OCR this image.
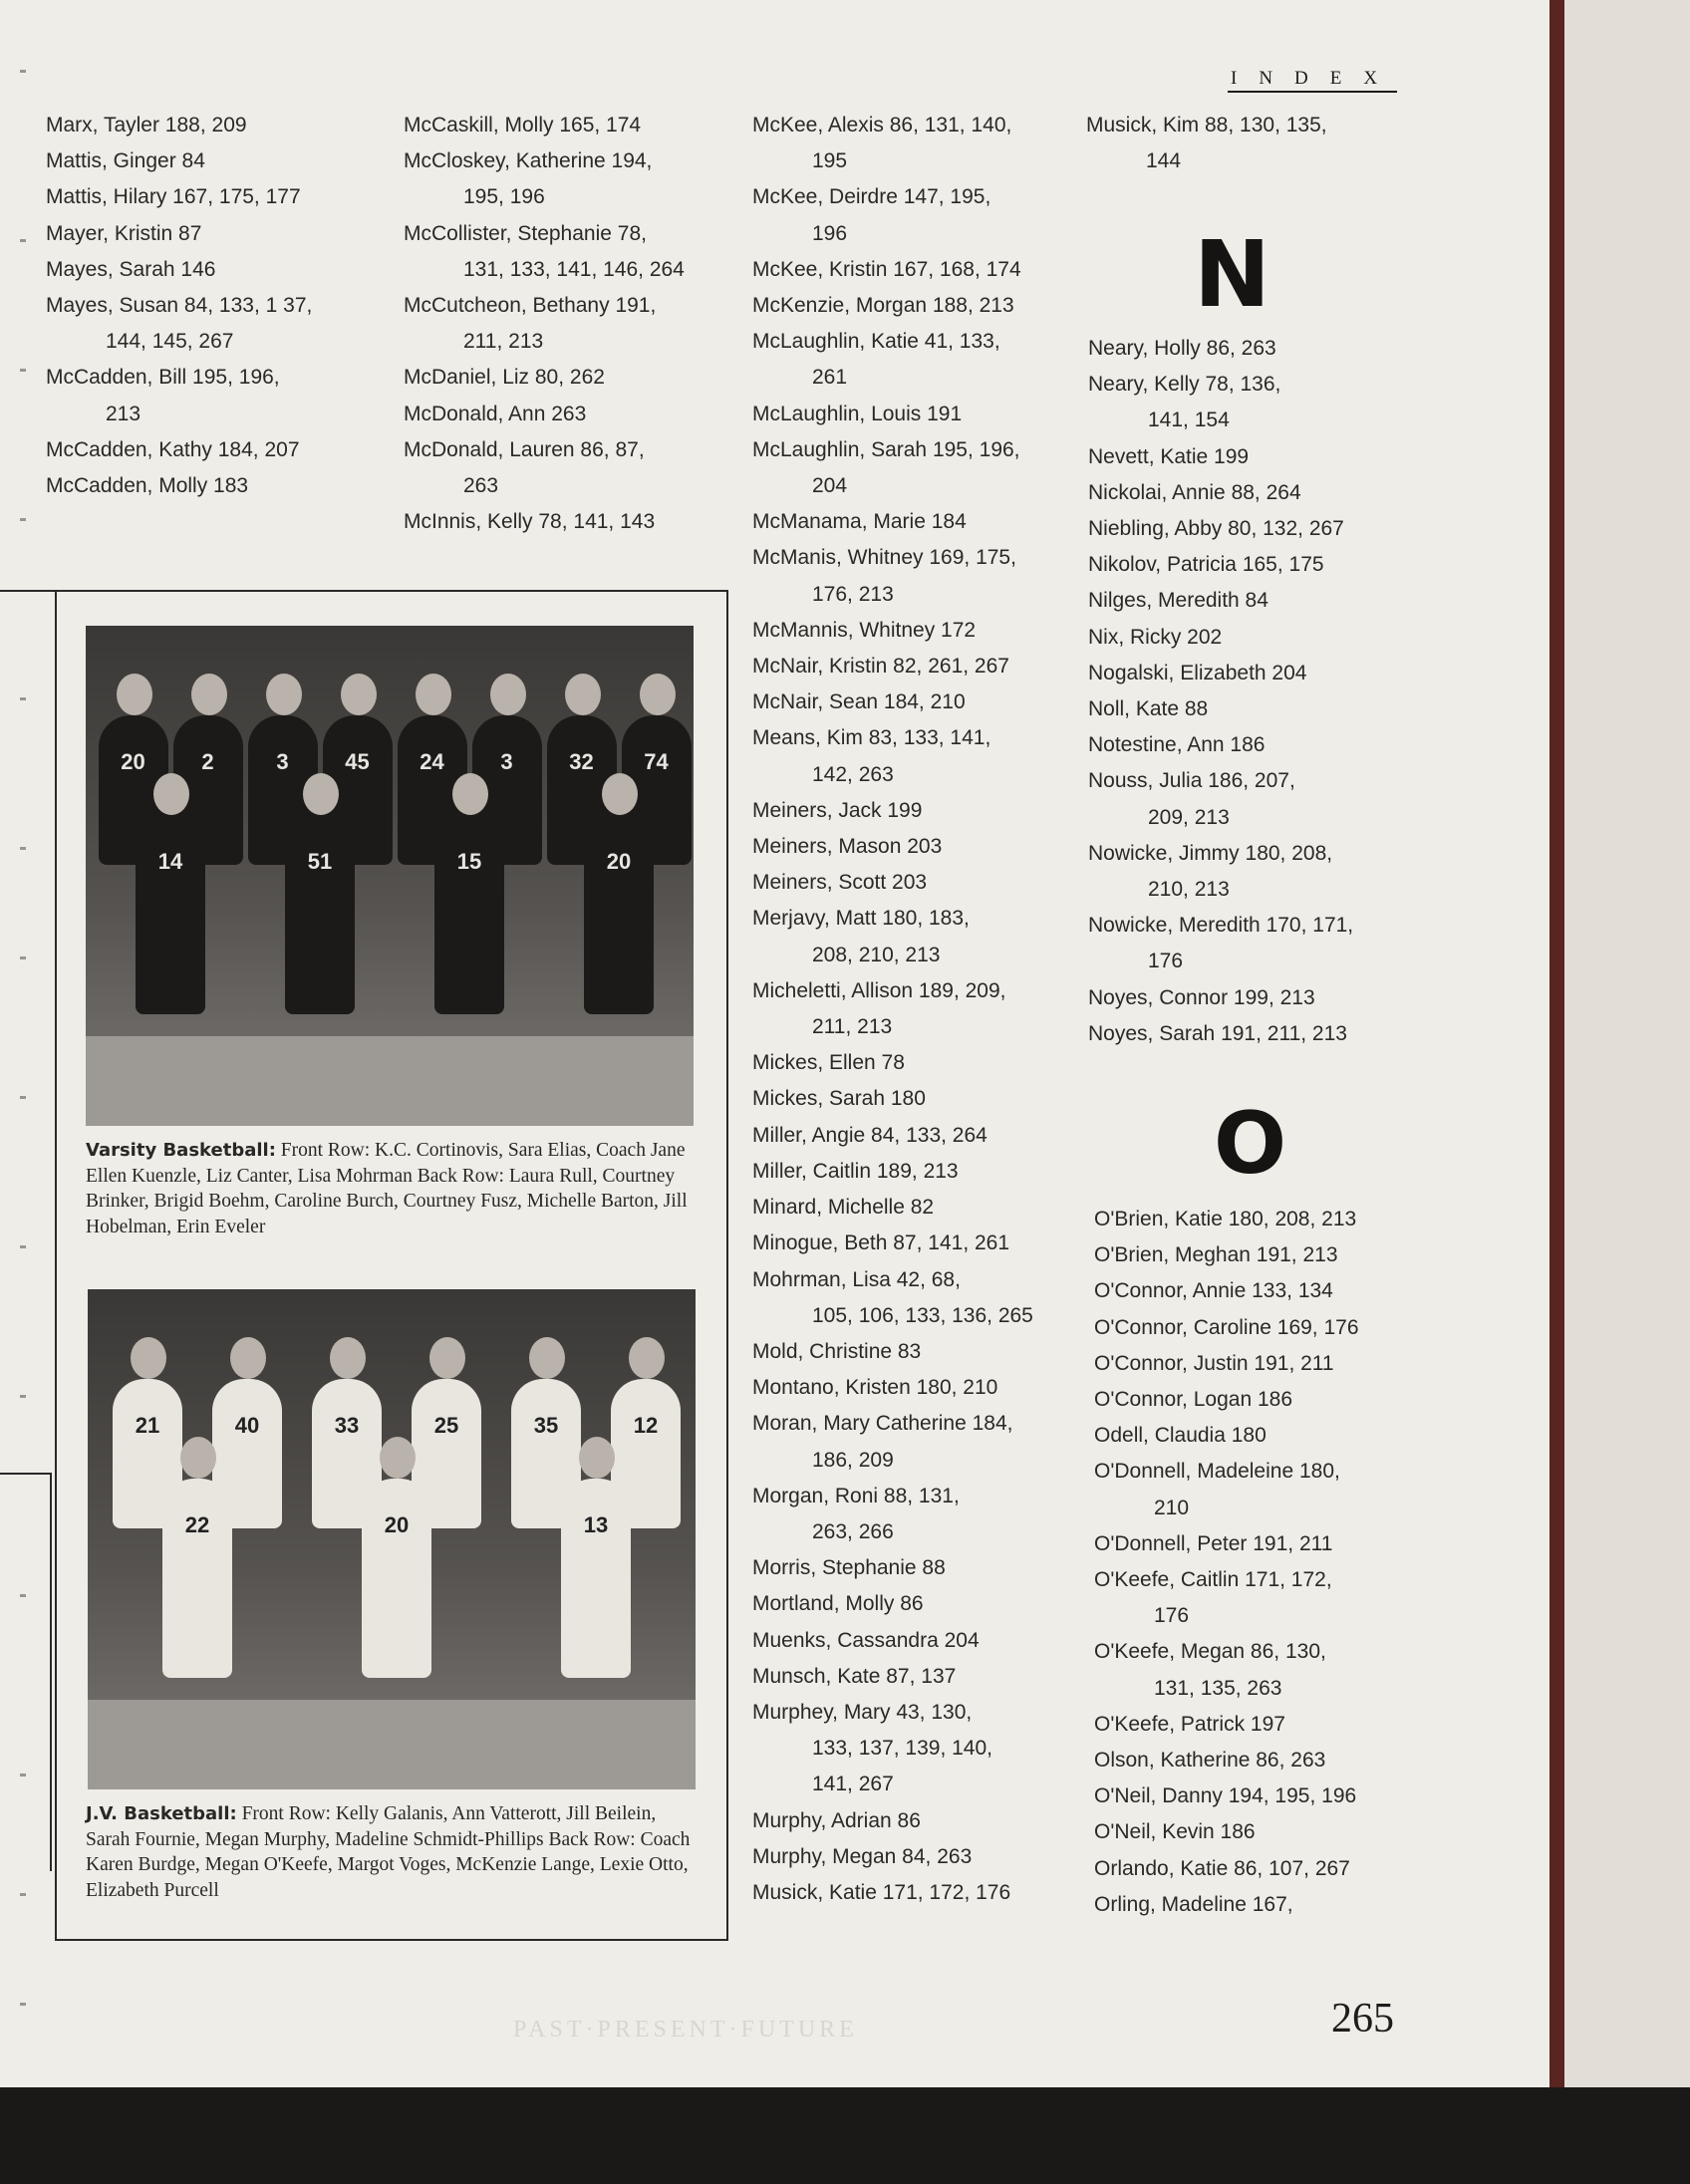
INDEX
Marx, Tayler 188, 209
Mattis, Ginger 84
Mattis, Hilary 167, 175, 177
Mayer, Kristin 87
Mayes, Sarah 146
Mayes, Susan 84, 133, 1 37,
144, 145, 267
McCadden, Bill 195, 196,
213
McCadden, Kathy 184, 207
McCadden, Molly 183
McCaskill, Molly 165, 174
McCloskey, Katherine 194,
195, 196
McCollister, Stephanie 78,
131, 133, 141, 146, 264
McCutcheon, Bethany 191,
211, 213
McDaniel, Liz 80, 262
McDonald, Ann 263
McDonald, Lauren 86, 87,
263
McInnis, Kelly 78, 141, 143
McKee, Alexis 86, 131, 140,
195
McKee, Deirdre 147, 195,
196
McKee, Kristin 167, 168, 174
McKenzie, Morgan 188, 213
McLaughlin, Katie 41, 133,
261
McLaughlin, Louis 191
McLaughlin, Sarah 195, 196,
204
McManama, Marie 184
McManis, Whitney 169, 175,
176, 213
McMannis, Whitney 172
McNair, Kristin 82, 261, 267
McNair, Sean 184, 210
Means, Kim 83, 133, 141,
142, 263
Meiners, Jack 199
Meiners, Mason 203
Meiners, Scott 203
Merjavy, Matt 180, 183,
208, 210, 213
Micheletti, Allison 189, 209,
211, 213
Mickes, Ellen 78
Mickes, Sarah 180
Miller, Angie 84, 133, 264
Miller, Caitlin 189, 213
Minard, Michelle 82
Minogue, Beth 87, 141, 261
Mohrman, Lisa 42, 68,
105, 106, 133, 136, 265
Mold, Christine 83
Montano, Kristen 180, 210
Moran, Mary Catherine 184,
186, 209
Morgan, Roni 88, 131,
263, 266
Morris, Stephanie 88
Mortland, Molly 86
Muenks, Cassandra 204
Munsch, Kate 87, 137
Murphey, Mary 43, 130,
133, 137, 139, 140,
141, 267
Murphy, Adrian 86
Murphy, Megan 84, 263
Musick, Katie 171, 172, 176
Musick, Kim 88, 130, 135,
144
N
Neary, Holly 86, 263
Neary, Kelly 78, 136,
141, 154
Nevett, Katie 199
Nickolai, Annie 88, 264
Niebling, Abby 80, 132, 267
Nikolov, Patricia 165, 175
Nilges, Meredith 84
Nix, Ricky 202
Nogalski, Elizabeth 204
Noll, Kate 88
Notestine, Ann 186
Nouss, Julia 186, 207,
209, 213
Nowicke, Jimmy 180, 208,
210, 213
Nowicke, Meredith 170, 171,
176
Noyes, Connor 199, 213
Noyes, Sarah 191, 211, 213
O
O'Brien, Katie 180, 208, 213
O'Brien, Meghan 191, 213
O'Connor, Annie 133, 134
O'Connor, Caroline 169, 176
O'Connor, Justin 191, 211
O'Connor, Logan 186
Odell, Claudia 180
O'Donnell, Madeleine 180,
210
O'Donnell, Peter 191, 211
O'Keefe, Caitlin 171, 172,
176
O'Keefe, Megan 86, 130,
131, 135, 263
O'Keefe, Patrick 197
Olson, Katherine 86, 263
O'Neil, Danny 194, 195, 196
O'Neil, Kevin 186
Orlando, Katie 86, 107, 267
Orling, Madeline 167,
20	2	3	45	24	3	32	74
14	51	15	20
Varsity Basketball: Front Row: K.C. Cortinovis, Sara Elias, Coach Jane Ellen Kuenzle, Liz Canter, Lisa Mohrman Back Row: Laura Rull, Courtney Brinker, Brigid Boehm, Caroline Burch, Courtney Fusz, Michelle Barton, Jill Hobelman, Erin Eveler
21	40	33	25	35	12
22	20	13
J.V. Basketball: Front Row: Kelly Galanis, Ann Vatterott, Jill Beilein, Sarah Fournie, Megan Murphy, Madeline Schmidt-Phillips Back Row: Coach Karen Burdge, Megan O'Keefe, Margot Voges, McKenzie Lange, Lexie Otto, Elizabeth Purcell
PAST·PRESENT·FUTURE	265
